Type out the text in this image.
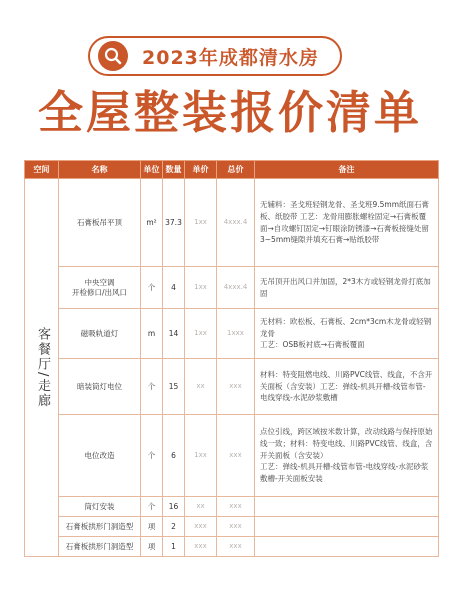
2023年成都清水房
全屋整装报价清单
空间	名称	单位	数量	单价	总价	备注

客餐厅/走廊	石膏板吊平顶	m²	37.3	1xx	4xxx.4	无辅料：圣戈班轻钢龙骨、圣戈班9.5mm纸面石膏板、纸胶带 工艺：龙骨用膨胀螺栓固定→石膏板覆面→自攻螺钉固定→钉眼涂防锈漆→石膏板接缝处留3~5mm缝隙并填充石膏→贴纸胶带
	中央空调
开检修口/出风口	个	4	1xx	4xxx.4	无吊顶开出风口并加固，2*3木方或轻钢龙骨打底加固
	磁吸轨道灯	m	14	1xx	1xxx	无材料：欧松板、石膏板、2cm*3cm木龙骨或轻钢龙骨
工艺：OSB板衬底→石膏板覆面
	暗装筒灯电位	个	15	xx	xxx	材料：特变阻燃电线、川路PVC线管、线盒，不含开关面板（含安装）工艺：弹线-机具开槽-线管布管-电线穿线-水泥砂浆敷槽
	电位改造	个	6	1xx	xxx	点位引线，跨区域按米数计算，改动线路与保持原始线一致；材料：特变电线、川路PVC线管、线盒，含开关面板（含安装）
工艺：弹线-机具开槽-线管布管-电线穿线-水泥砂浆敷槽-开关面板安装
	筒灯安装	个	16	xx	xxx	
	石膏板拱形门洞造型	项	2	xxx	xxx	
	石膏板拱形门洞造型	项	1	xxx	xxx	
